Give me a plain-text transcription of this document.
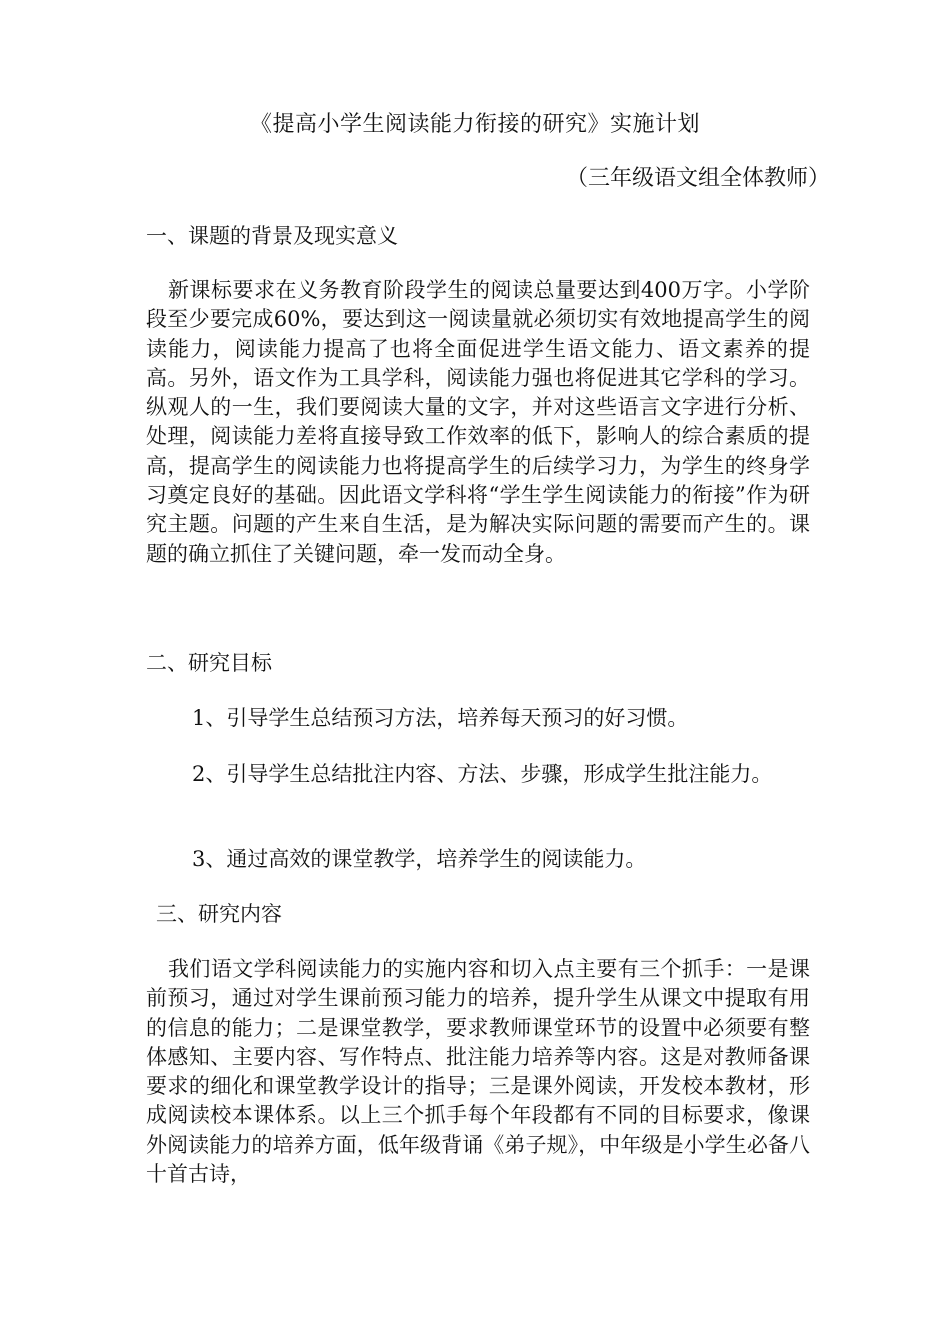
《提高小学生阅读能力衔接的研究》实施计划
（三年级语文组全体教师）
一、课题的背景及现实意义

新课标要求在义务教育阶段学生的阅读总量要达到400万字。小学阶段至少要完成60%，要达到这一阅读量就必须切实有效地提高学生的阅读能力，阅读能力提高了也将全面促进学生语文能力、语文素养的提高。另外，语文作为工具学科，阅读能力强也将促进其它学科的学习。纵观人的一生，我们要阅读大量的文字，并对这些语言文字进行分析、处理，阅读能力差将直接导致工作效率的低下，影响人的综合素质的提高，提高学生的阅读能力也将提高学生的后续学习力，为学生的终身学习奠定良好的基础。因此语文学科将“学生学生阅读能力的衔接”作为研究主题。问题的产生来自生活，是为解决实际问题的需要而产生的。课题的确立抓住了关键问题，牵一发而动全身。

二、研究目标

1、引导学生总结预习方法，培养每天预习的好习惯。

2、引导学生总结批注内容、方法、步骤，形成学生批注能力。

3、通过高效的课堂教学，培养学生的阅读能力。

三、研究内容

我们语文学科阅读能力的实施内容和切入点主要有三个抓手：一是课前预习，通过对学生课前预习能力的培养，提升学生从课文中提取有用的信息的能力；二是课堂教学，要求教师课堂环节的设置中必须要有整体感知、主要内容、写作特点、批注能力培养等内容。这是对教师备课要求的细化和课堂教学设计的指导；三是课外阅读，开发校本教材，形成阅读校本课体系。以上三个抓手每个年段都有不同的目标要求，像课外阅读能力的培养方面，低年级背诵《弟子规》，中年级是小学生必备八十首古诗，
